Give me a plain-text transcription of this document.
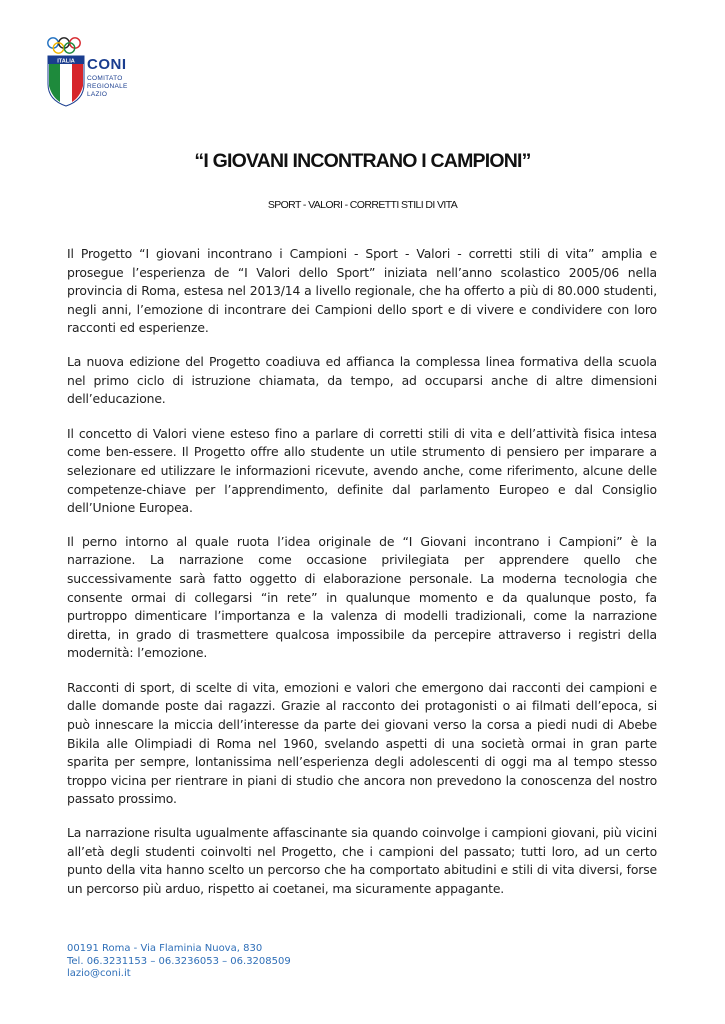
ITALIA CONI
COMITATO
REGIONALE
LAZIO
“I GIOVANI INCONTRANO I CAMPIONI”
SPORT - VALORI - CORRETTI STILI DI VITA

Il Progetto “I giovani incontrano i Campioni - Sport - Valori - corretti stili di vita” amplia e prosegue l’esperienza de “I Valori dello Sport” iniziata nell’anno scolastico 2005/06 nella provincia di Roma, estesa nel 2013/14 a livello regionale, che ha offerto a più di 80.000 studenti, negli anni, l’emozione di incontrare dei Campioni dello sport e di vivere e condividere con loro racconti ed esperienze.

La nuova edizione del Progetto coadiuva ed affianca la complessa linea formativa della scuola nel primo ciclo di istruzione chiamata, da tempo, ad occuparsi anche di altre dimensioni dell’educazione.

Il concetto di Valori viene esteso fino a parlare di corretti stili di vita e dell’attività fisica intesa come ben-essere. Il Progetto offre allo studente un utile strumento di pensiero per imparare a selezionare ed utilizzare le informazioni ricevute, avendo anche, come riferimento, alcune delle competenze-chiave per l’apprendimento, definite dal parlamento Europeo e dal Consiglio dell’Unione Europea.

Il perno intorno al quale ruota l’idea originale de “I Giovani incontrano i Campioni” è la narrazione. La narrazione come occasione privilegiata per apprendere quello che successivamente sarà fatto oggetto di elaborazione personale. La moderna tecnologia che consente ormai di collegarsi “in rete” in qualunque momento e da qualunque posto, fa purtroppo dimenticare l’importanza e la valenza di modelli tradizionali, come la narrazione diretta, in grado di trasmettere qualcosa impossibile da percepire attraverso i registri della modernità: l’emozione.

Racconti di sport, di scelte di vita, emozioni e valori che emergono dai racconti dei campioni e dalle domande poste dai ragazzi. Grazie al racconto dei protagonisti o ai filmati dell’epoca, si può innescare la miccia dell’interesse da parte dei giovani verso la corsa a piedi nudi di Abebe Bikila alle Olimpiadi di Roma nel 1960, svelando aspetti di una società ormai in gran parte sparita per sempre, lontanissima nell’esperienza degli adolescenti di oggi ma al tempo stesso troppo vicina per rientrare in piani di studio che ancora non prevedono la conoscenza del nostro passato prossimo.

La narrazione risulta ugualmente affascinante sia quando coinvolge i campioni giovani, più vicini all’età degli studenti coinvolti nel Progetto, che i campioni del passato; tutti loro, ad un certo punto della vita hanno scelto un percorso che ha comportato abitudini e stili di vita diversi, forse un percorso più arduo, rispetto ai coetanei, ma sicuramente appagante.

00191 Roma - Via Flaminia Nuova, 830
Tel. 06.3231153 – 06.3236053 – 06.3208509
lazio@coni.it
